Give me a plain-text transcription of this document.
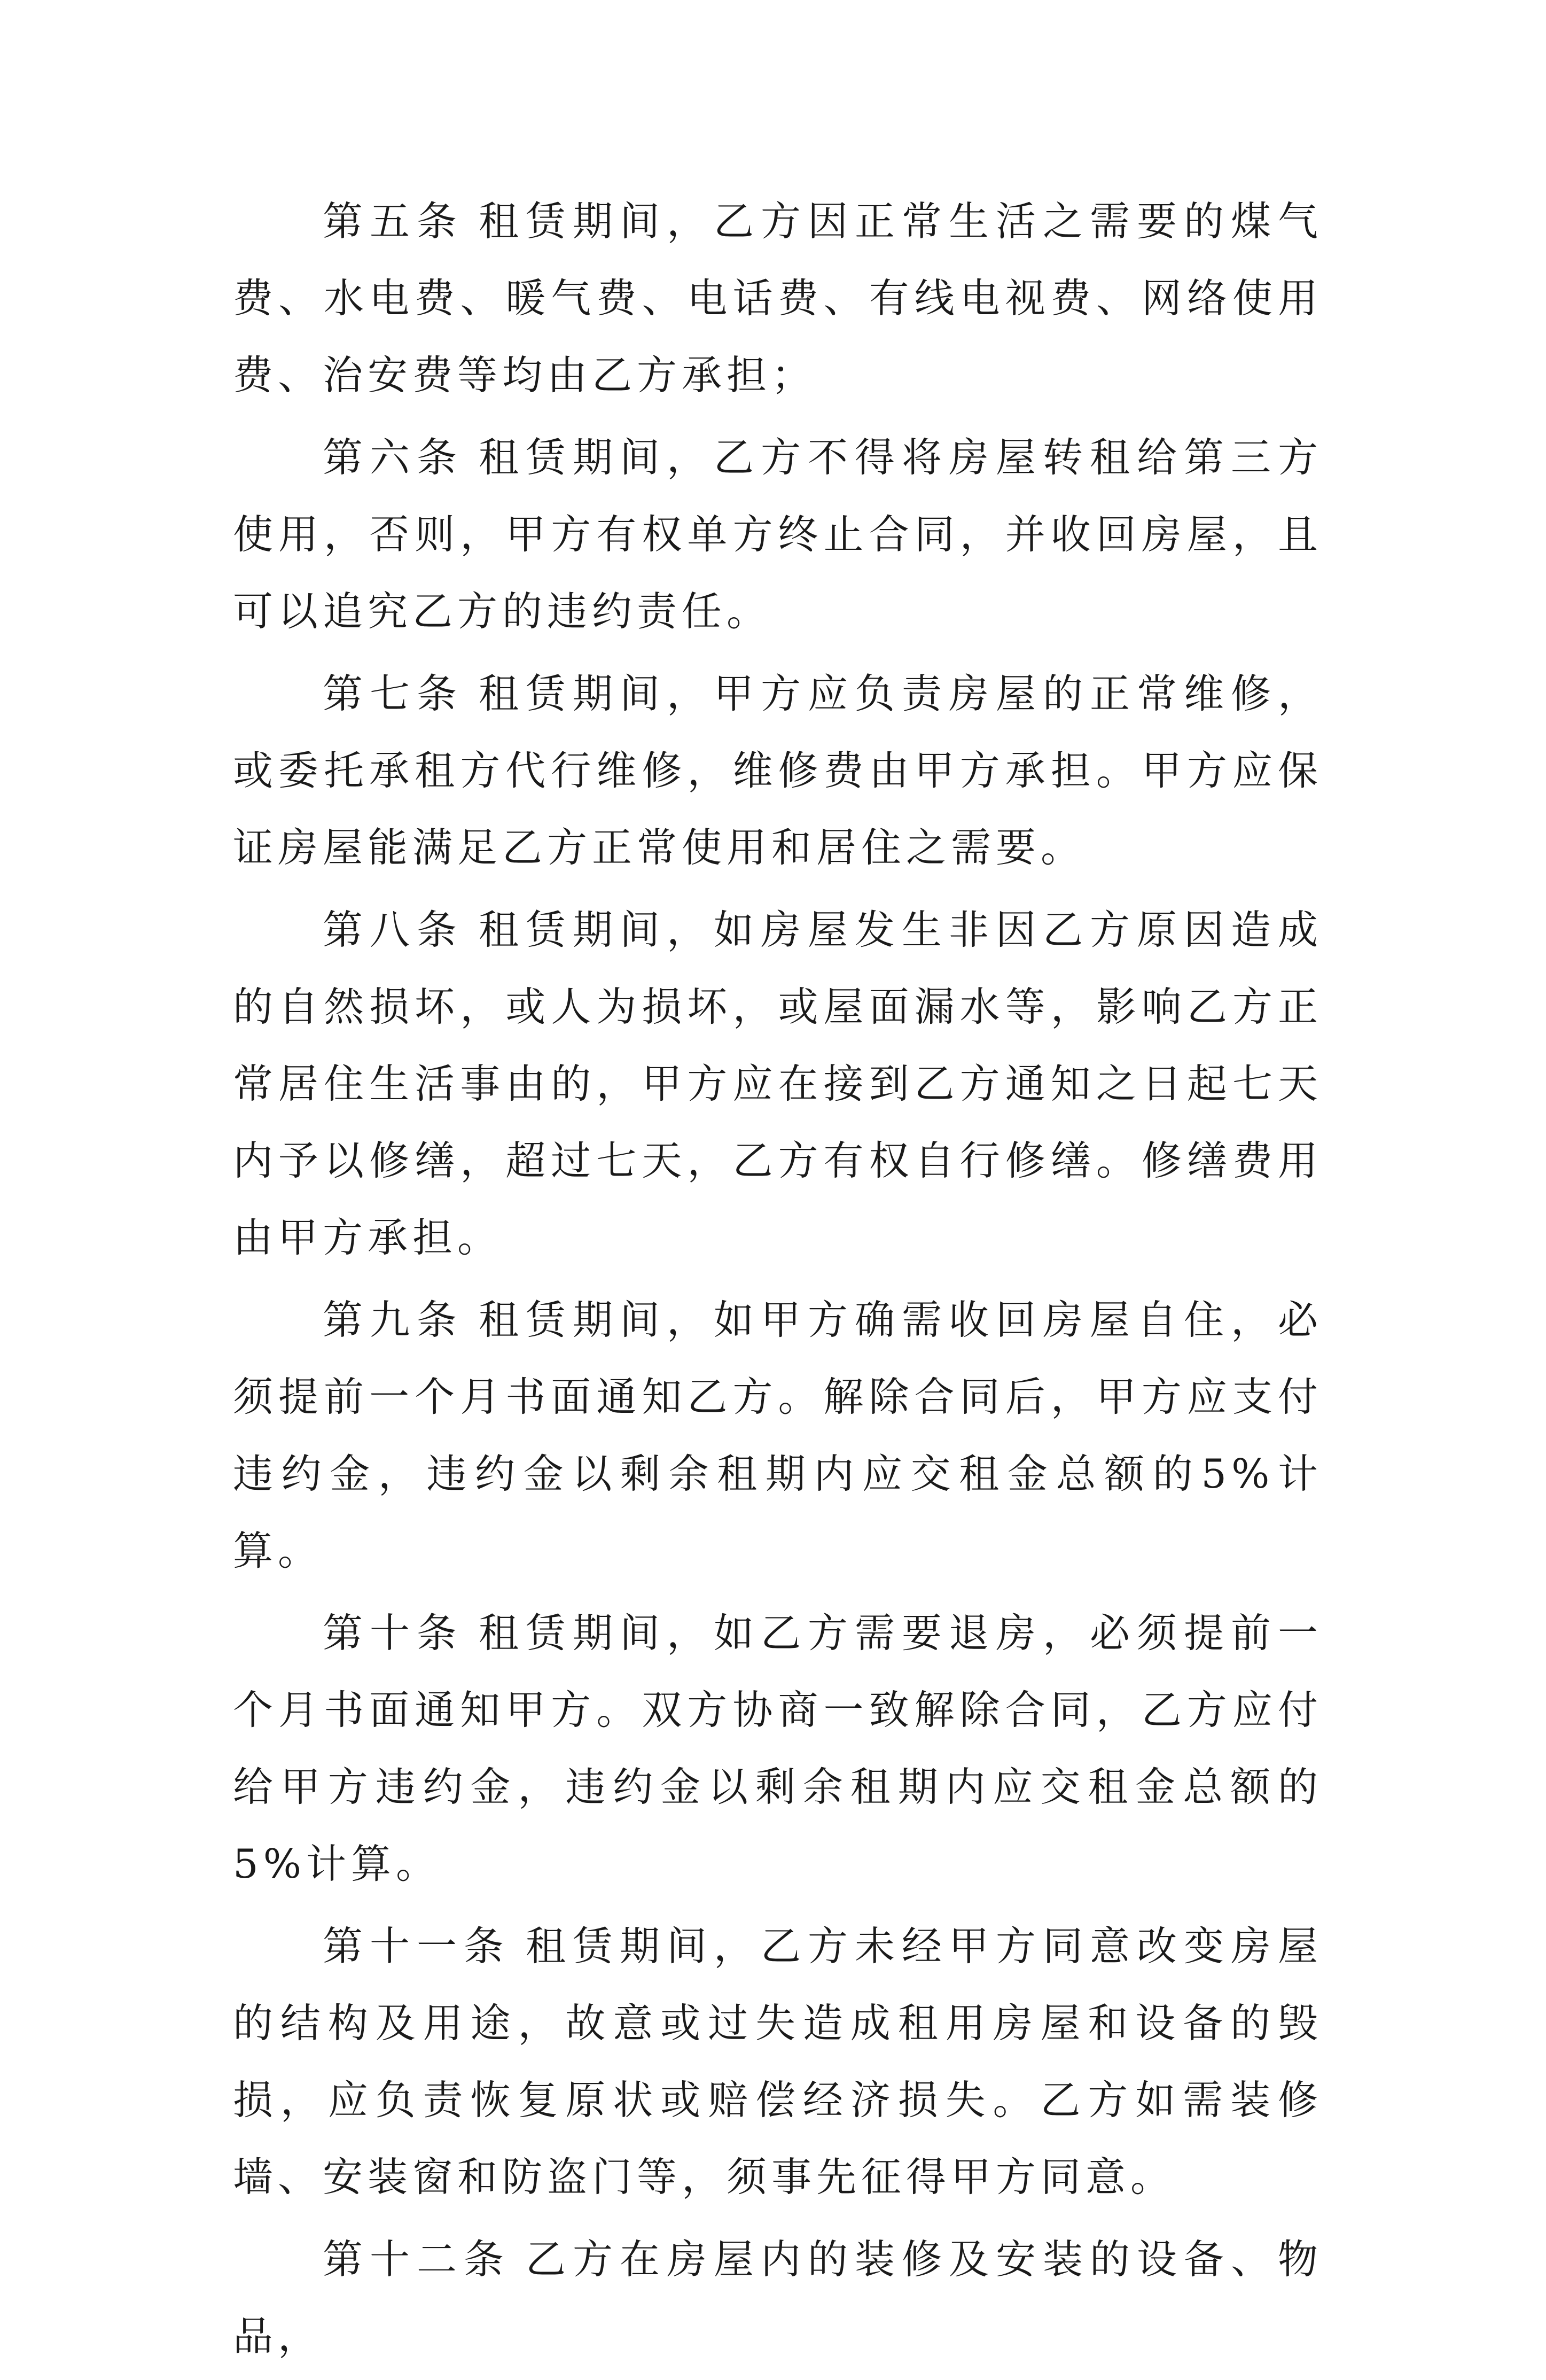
第五条 租赁期间，乙方因正常生活之需要的煤气费、水电费、暖气费、电话费、有线电视费、网络使用费、治安费等均由乙方承担；

第六条 租赁期间，乙方不得将房屋转租给第三方使用，否则，甲方有权单方终止合同，并收回房屋，且可以追究乙方的违约责任。

第七条 租赁期间，甲方应负责房屋的正常维修，或委托承租方代行维修，维修费由甲方承担。甲方应保证房屋能满足乙方正常使用和居住之需要。

第八条 租赁期间，如房屋发生非因乙方原因造成的自然损坏，或人为损坏，或屋面漏水等，影响乙方正常居住生活事由的，甲方应在接到乙方通知之日起七天内予以修缮，超过七天，乙方有权自行修缮。修缮费用由甲方承担。

第九条 租赁期间，如甲方确需收回房屋自住，必须提前一个月书面通知乙方。解除合同后，甲方应支付违约金，违约金以剩余租期内应交租金总额的5%计算。

第十条 租赁期间，如乙方需要退房，必须提前一个月书面通知甲方。双方协商一致解除合同，乙方应付给甲方违约金，违约金以剩余租期内应交租金总额的5%计算。

第十一条 租赁期间，乙方未经甲方同意改变房屋的结构及用途，故意或过失造成租用房屋和设备的毁损，应负责恢复原状或赔偿经济损失。乙方如需装修墙、安装窗和防盗门等，须事先征得甲方同意。

第十二条 乙方在房屋内的装修及安装的设备、物品，
